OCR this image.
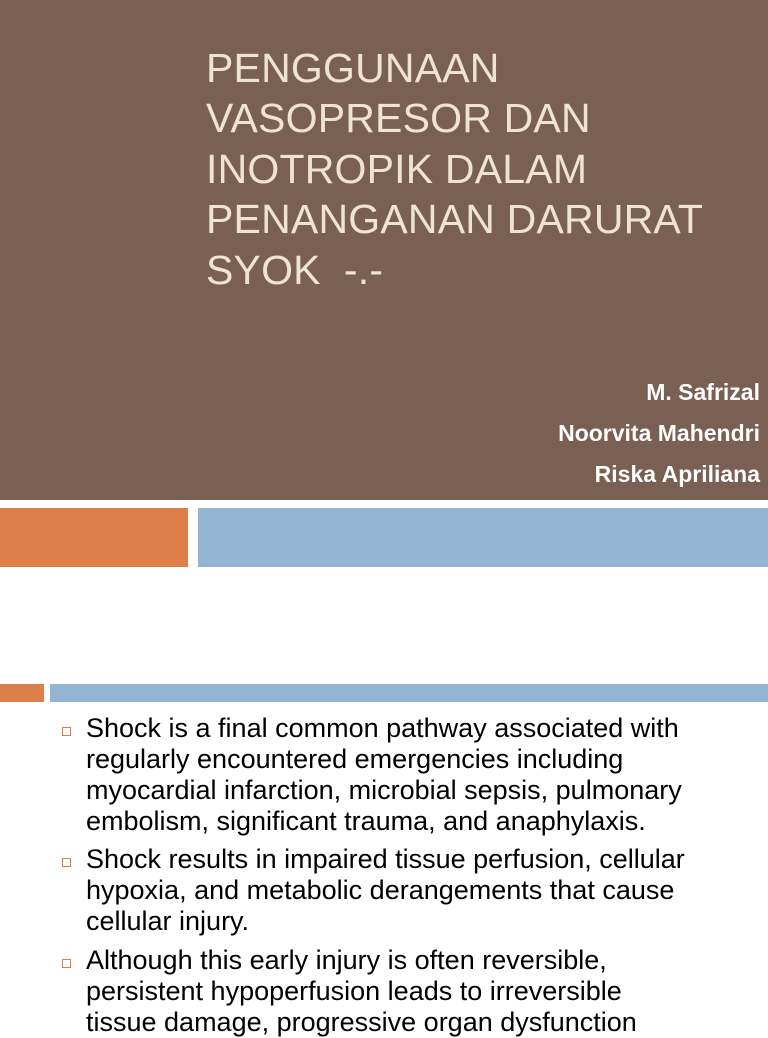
PENGGUNAAN
VASOPRESOR DAN
INOTROPIK DALAM
PENANGANAN DARURAT
SYOK  -.-
M. Safrizal
Noorvita Mahendri
Riska Apriliana
Shock is a final common pathway associated with
regularly encountered emergencies including
myocardial infarction, microbial sepsis, pulmonary
embolism, significant trauma, and anaphylaxis.
Shock results in impaired tissue perfusion, cellular
hypoxia, and metabolic derangements that cause
cellular injury.
Although this early injury is often reversible,
persistent hypoperfusion leads to irreversible
tissue damage, progressive organ dysfunction
